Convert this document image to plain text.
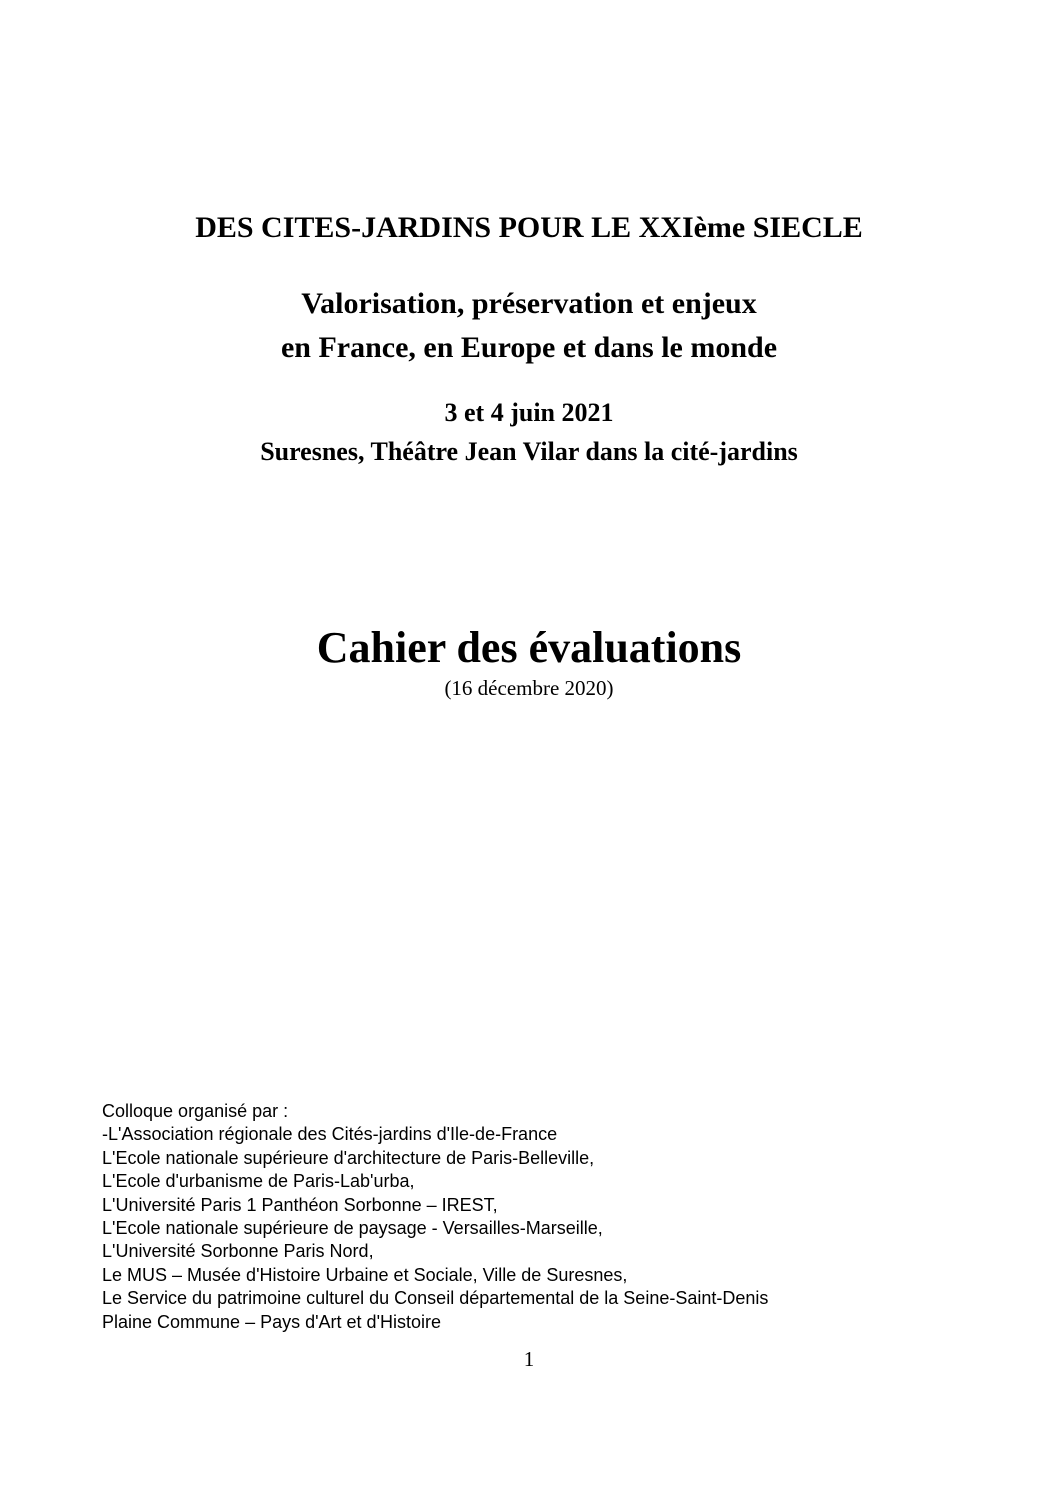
DES CITES-JARDINS POUR LE XXIème SIECLE
Valorisation, préservation et enjeux
en France, en Europe et dans le monde
3 et 4 juin 2021
Suresnes, Théâtre Jean Vilar dans la cité-jardins
Cahier des évaluations
(16 décembre 2020)
Colloque organisé par :
-L'Association régionale des Cités-jardins d'Ile-de-France
L'Ecole nationale supérieure d'architecture de Paris-Belleville,
L'Ecole d'urbanisme de Paris-Lab'urba,
L'Université Paris 1 Panthéon Sorbonne – IREST,
L'Ecole nationale supérieure de paysage - Versailles-Marseille,
L'Université Sorbonne Paris Nord,
Le MUS – Musée d'Histoire Urbaine et Sociale, Ville de Suresnes,
Le Service du patrimoine culturel du Conseil départemental de la Seine-Saint-Denis
Plaine Commune – Pays d'Art et d'Histoire
1
